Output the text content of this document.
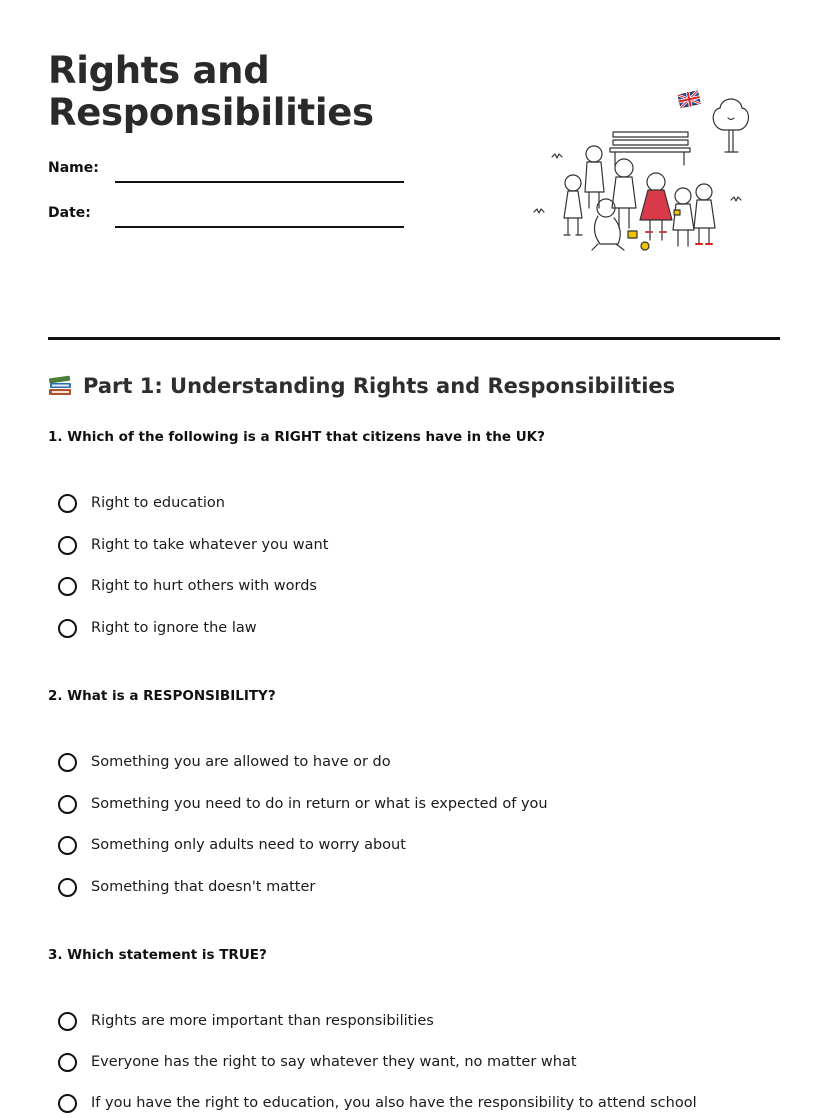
Rights and
Responsibilities
Name:
Date:
Part 1: Understanding Rights and Responsibilities

1. Which of the following is a RIGHT that citizens have in the UK?

Right to education
Right to take whatever you want
Right to hurt others with words
Right to ignore the law

2. What is a RESPONSIBILITY?

Something you are allowed to have or do
Something you need to do in return or what is expected of you
Something only adults need to worry about
Something that doesn't matter

3. Which statement is TRUE?

Rights are more important than responsibilities
Everyone has the right to say whatever they want, no matter what
If you have the right to education, you also have the responsibility to attend school
